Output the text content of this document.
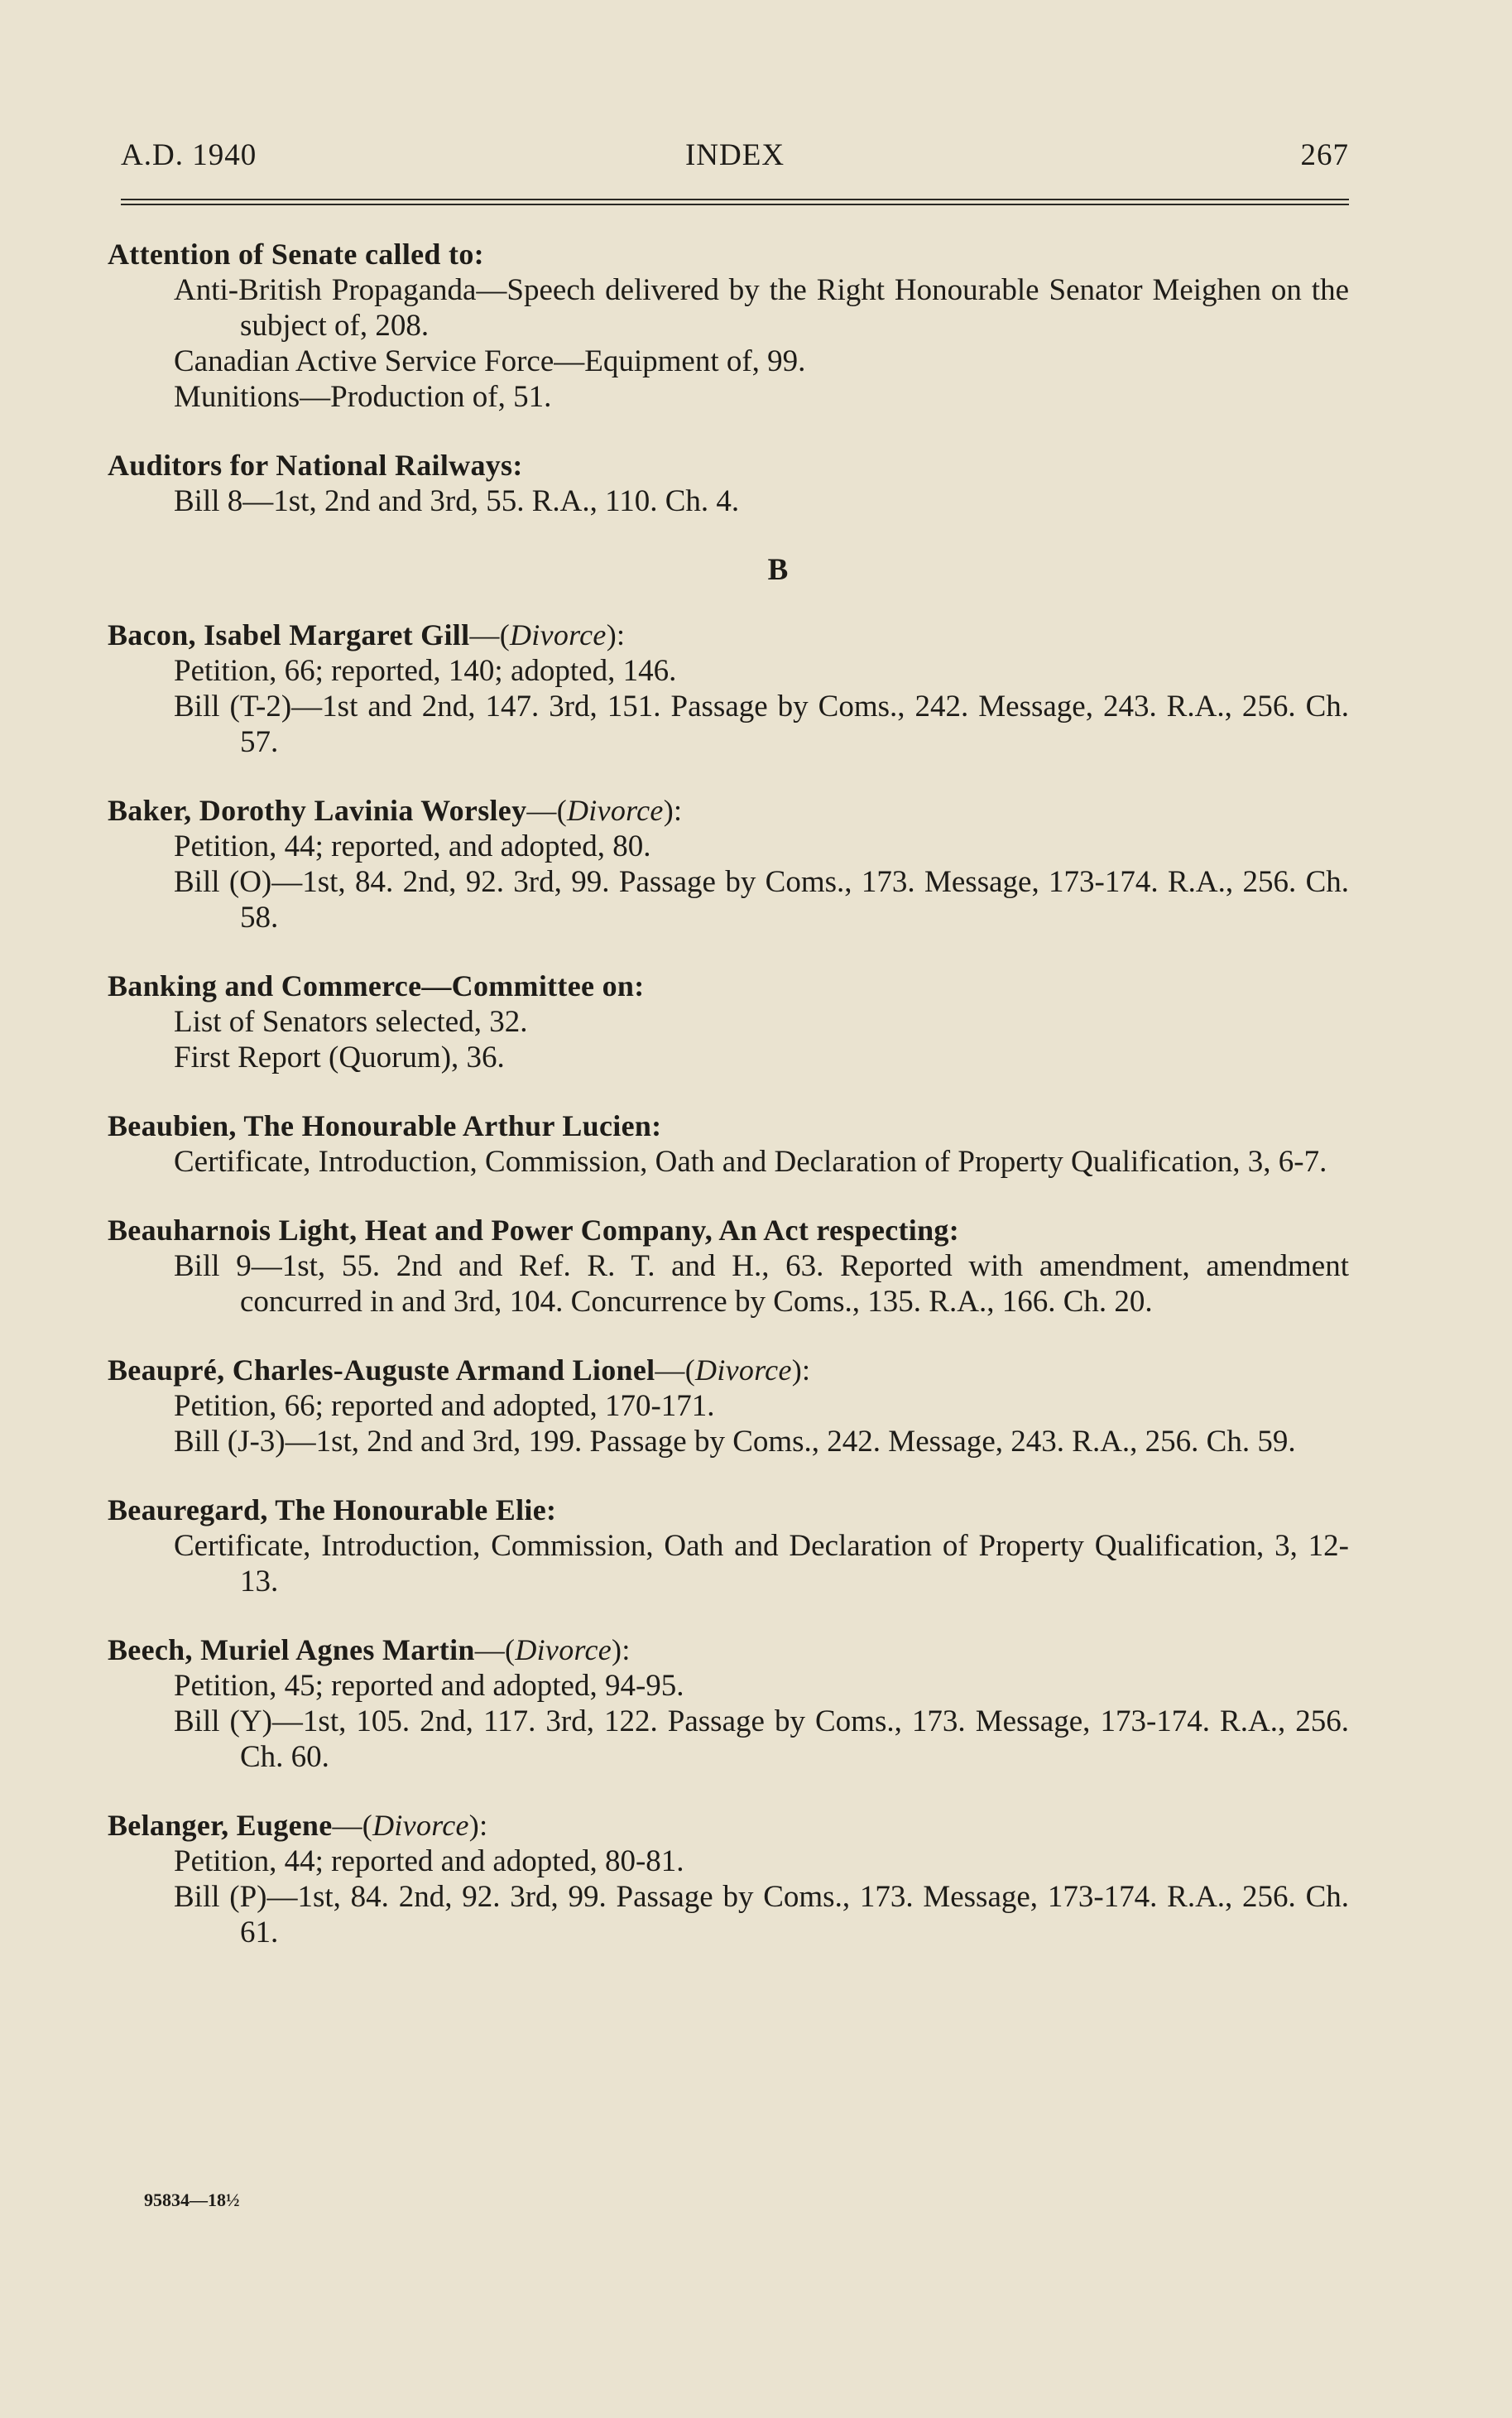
INDEX
A.D. 1940	267
Attention of Senate called to:
Anti-British Propaganda—Speech delivered by the Right Honourable Senator Meighen on the subject of, 208.
Canadian Active Service Force—Equipment of, 99.
Munitions—Production of, 51.
Auditors for National Railways:
Bill 8—1st, 2nd and 3rd, 55. R.A., 110. Ch. 4.
B
Bacon, Isabel Margaret Gill—(Divorce):
Petition, 66; reported, 140; adopted, 146.
Bill (T-2)—1st and 2nd, 147. 3rd, 151. Passage by Coms., 242. Message, 243. R.A., 256. Ch. 57.
Baker, Dorothy Lavinia Worsley—(Divorce):
Petition, 44; reported, and adopted, 80.
Bill (O)—1st, 84. 2nd, 92. 3rd, 99. Passage by Coms., 173. Message, 173-174. R.A., 256. Ch. 58.
Banking and Commerce—Committee on:
List of Senators selected, 32.
First Report (Quorum), 36.
Beaubien, The Honourable Arthur Lucien:
Certificate, Introduction, Commission, Oath and Declaration of Property Qualification, 3, 6-7.
Beauharnois Light, Heat and Power Company, An Act respecting:
Bill 9—1st, 55. 2nd and Ref. R. T. and H., 63. Reported with amendment, amendment concurred in and 3rd, 104. Concurrence by Coms., 135. R.A., 166. Ch. 20.
Beaupré, Charles-Auguste Armand Lionel—(Divorce):
Petition, 66; reported and adopted, 170-171.
Bill (J-3)—1st, 2nd and 3rd, 199. Passage by Coms., 242. Message, 243. R.A., 256. Ch. 59.
Beauregard, The Honourable Elie:
Certificate, Introduction, Commission, Oath and Declaration of Property Qualification, 3, 12-13.
Beech, Muriel Agnes Martin—(Divorce):
Petition, 45; reported and adopted, 94-95.
Bill (Y)—1st, 105. 2nd, 117. 3rd, 122. Passage by Coms., 173. Message, 173-174. R.A., 256. Ch. 60.
Belanger, Eugene—(Divorce):
Petition, 44; reported and adopted, 80-81.
Bill (P)—1st, 84. 2nd, 92. 3rd, 99. Passage by Coms., 173. Message, 173-174. R.A., 256. Ch. 61.
95834—18½
